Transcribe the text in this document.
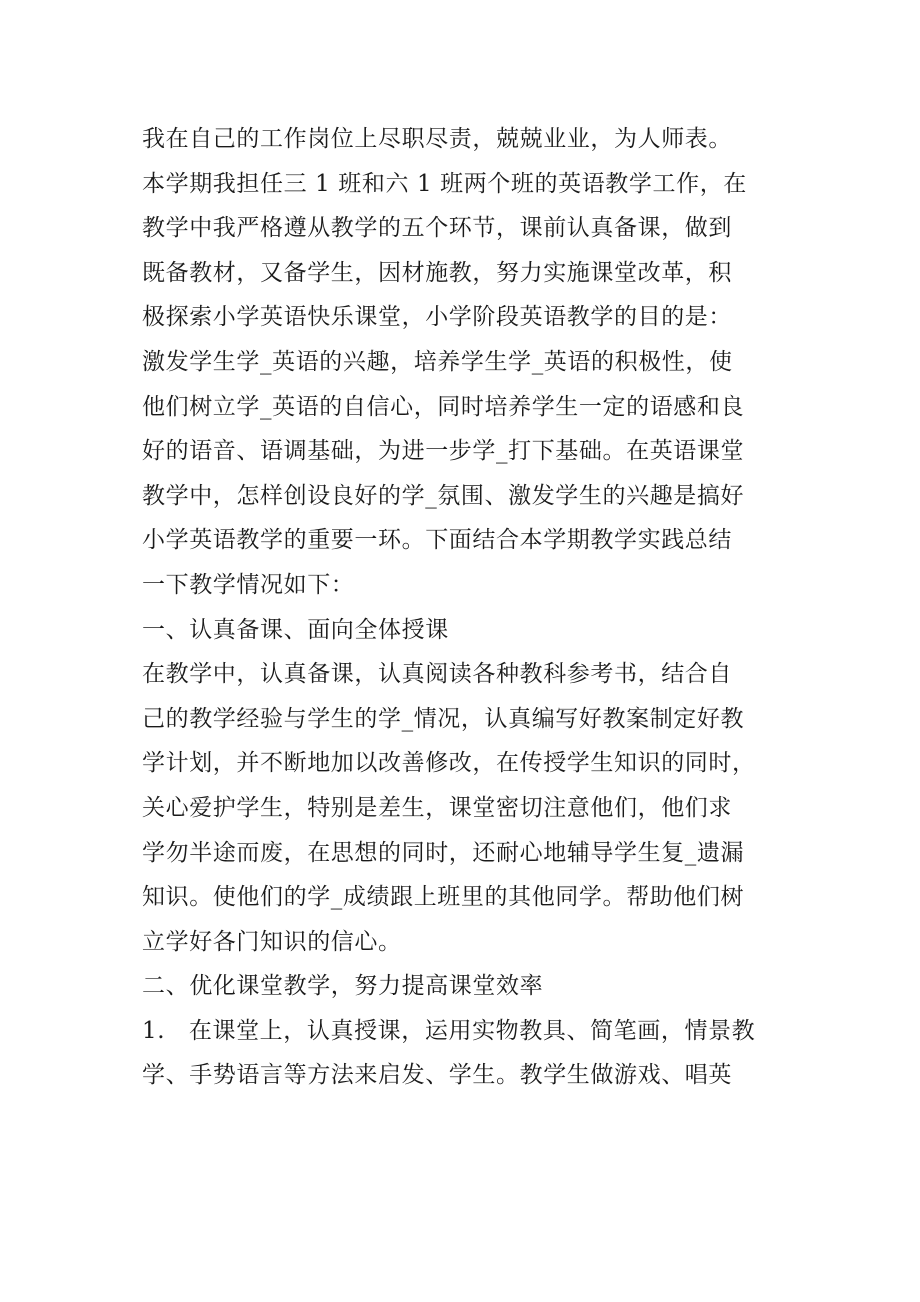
我在自己的工作岗位上尽职尽责，兢兢业业，为人师表。
本学期我担任三 1 班和六 1 班两个班的英语教学工作，在
教学中我严格遵从教学的五个环节，课前认真备课，做到
既备教材，又备学生，因材施教，努力实施课堂改革，积
极探索小学英语快乐课堂，小学阶段英语教学的目的是：
激发学生学_英语的兴趣，培养学生学_英语的积极性，使
他们树立学_英语的自信心，同时培养学生一定的语感和良
好的语音、语调基础，为进一步学_打下基础。在英语课堂
教学中，怎样创设良好的学_氛围、激发学生的兴趣是搞好
小学英语教学的重要一环。下面结合本学期教学实践总结
一下教学情况如下：
一、认真备课、面向全体授课
在教学中，认真备课，认真阅读各种教科参考书，结合自
己的教学经验与学生的学_情况，认真编写好教案制定好教
学计划，并不断地加以改善修改，在传授学生知识的同时，
关心爱护学生，特别是差生，课堂密切注意他们，他们求
学勿半途而废，在思想的同时，还耐心地辅导学生复_遗漏
知识。使他们的学_成绩跟上班里的其他同学。帮助他们树
立学好各门知识的信心。
二、优化课堂教学，努力提高课堂效率
1.   在课堂上，认真授课，运用实物教具、简笔画，情景教
学、手势语言等方法来启发、学生。教学生做游戏、唱英
